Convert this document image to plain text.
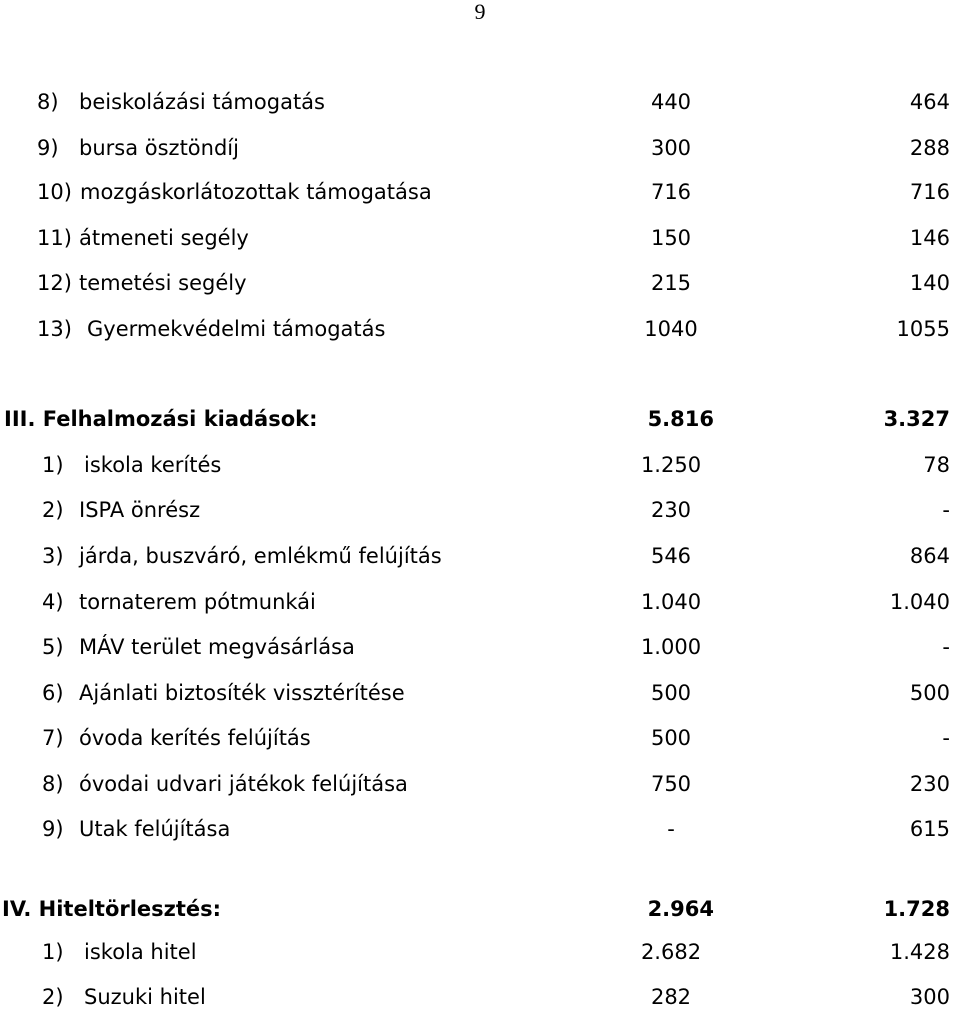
9
8) beiskolázási támogatás	440	464
9) bursa ösztöndíj	300	288
10) mozgáskorlátozottak támogatása	716	716
11) átmeneti segély	150	146
12) temetési segély	215	140
13) Gyermekvédelmi támogatás	1040	1055
III. Felhalmozási kiadások:	5.816	3.327
1) iskola kerítés	1.250	78
2) ISPA önrész	230	-
3) járda, buszváró, emlékmű felújítás	546	864
4) tornaterem pótmunkái	1.040	1.040
5) MÁV terület megvásárlása	1.000	-
6) Ajánlati biztosíték vissztérítése	500	500
7) óvoda kerítés felújítás	500	-
8) óvodai udvari játékok felújítása	750	230
9) Utak felújítása	-	615
IV. Hiteltörlesztés:	2.964	1.728
1) iskola hitel	2.682	1.428
2) Suzuki hitel	282	300
